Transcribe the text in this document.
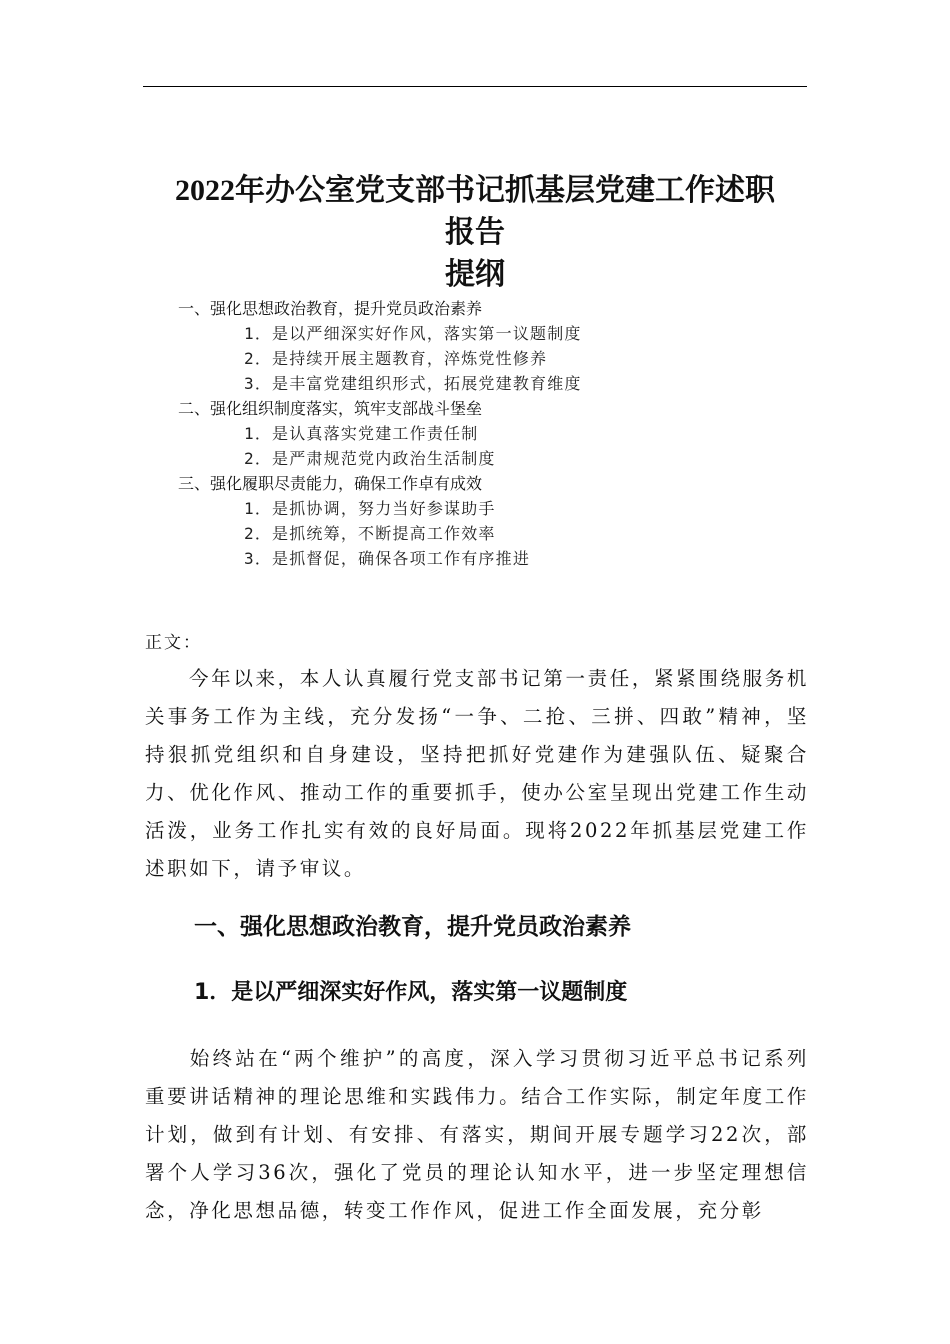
2022年办公室党支部书记抓基层党建工作述职
报告
提纲
一、强化思想政治教育，提升党员政治素养
1．是以严细深实好作风，落实第一议题制度
2．是持续开展主题教育，淬炼党性修养
3．是丰富党建组织形式，拓展党建教育维度
二、强化组织制度落实，筑牢支部战斗堡垒
1．是认真落实党建工作责任制
2．是严肃规范党内政治生活制度
三、强化履职尽责能力，确保工作卓有成效
1．是抓协调，努力当好参谋助手
2．是抓统筹，不断提高工作效率
3．是抓督促，确保各项工作有序推进
正文：
今年以来，本人认真履行党支部书记第一责任，紧紧围绕服务机关事务工作为主线，充分发扬“一争、二抢、三拼、四敢”精神，坚持狠抓党组织和自身建设，坚持把抓好党建作为建强队伍、疑聚合力、优化作风、推动工作的重要抓手，使办公室呈现出党建工作生动活泼，业务工作扎实有效的良好局面。现将2022年抓基层党建工作述职如下，请予审议。
一、强化思想政治教育，提升党员政治素养
1．是以严细深实好作风，落实第一议题制度
始终站在“两个维护”的高度，深入学习贯彻习近平总书记系列重要讲话精神的理论思维和实践伟力。结合工作实际，制定年度工作计划，做到有计划、有安排、有落实，期间开展专题学习22次，部署个人学习36次，强化了党员的理论认知水平，进一步坚定理想信念，净化思想品德，转变工作作风，促进工作全面发展，充分彰
